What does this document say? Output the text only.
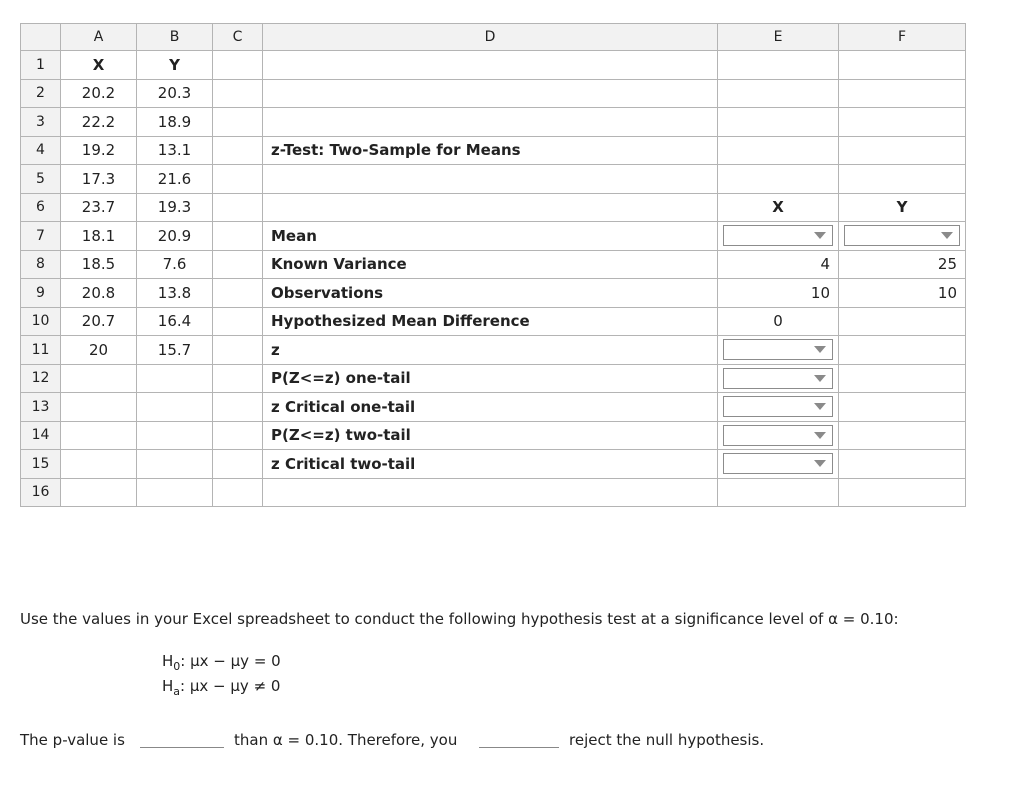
	A	B	C	D	E	F
1	X	Y				
2	20.2	20.3				
3	22.2	18.9				
4	19.2	13.1		z-Test: Two-Sample for Means		
5	17.3	21.6				
6	23.7	19.3			X	Y
7	18.1	20.9		Mean	

8	18.5	7.6		Known Variance	4	25
9	20.8	13.8		Observations	10	10
10	20.7	16.4		Hypothesized Mean Difference	0	
11	20	15.7		z	

12				P(Z<=z) one-tail	

13				z Critical one-tail	

14				P(Z<=z) two-tail	

15				z Critical two-tail	

16						
Use the values in your Excel spreadsheet to conduct the following hypothesis test at a significance level of α = 0.10:
$H_0$: μx − μy = 0
$H_a$: μx − μy ≠ 0
The p-value is	than α = 0.10. Therefore, you	reject the null hypothesis.
